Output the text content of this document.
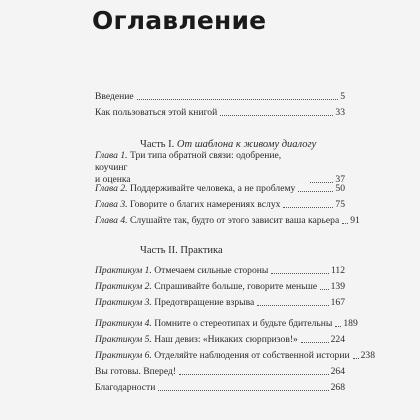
Оглавление
Введение	5
Как пользоваться этой книгой	33
Часть I. От шаблона к живому диалогу
Глава 1. Три типа обратной связи: одобрение, коучинг
и оценка	37
Глава 2. Поддерживайте человека, а не проблему	50
Глава 3. Говорите о благих намерениях вслух	75
Глава 4. Слушайте так, будто от этого зависит ваша карьера 91
Часть II. Практика
Практикум 1. Отмечаем сильные стороны	112
Практикум 2. Спрашивайте больше, говорите меньше 139
Практикум 3. Предотвращение взрыва	167
Практикум 4. Помните о стереотипах и будьте бдительны 189
Практикум 5. Наш девиз: «Никаких сюрпризов!»	224
Практикум 6. Отделяйте наблюдения от собственной истории 238
Вы готовы. Вперед!	264
Благодарности	268
